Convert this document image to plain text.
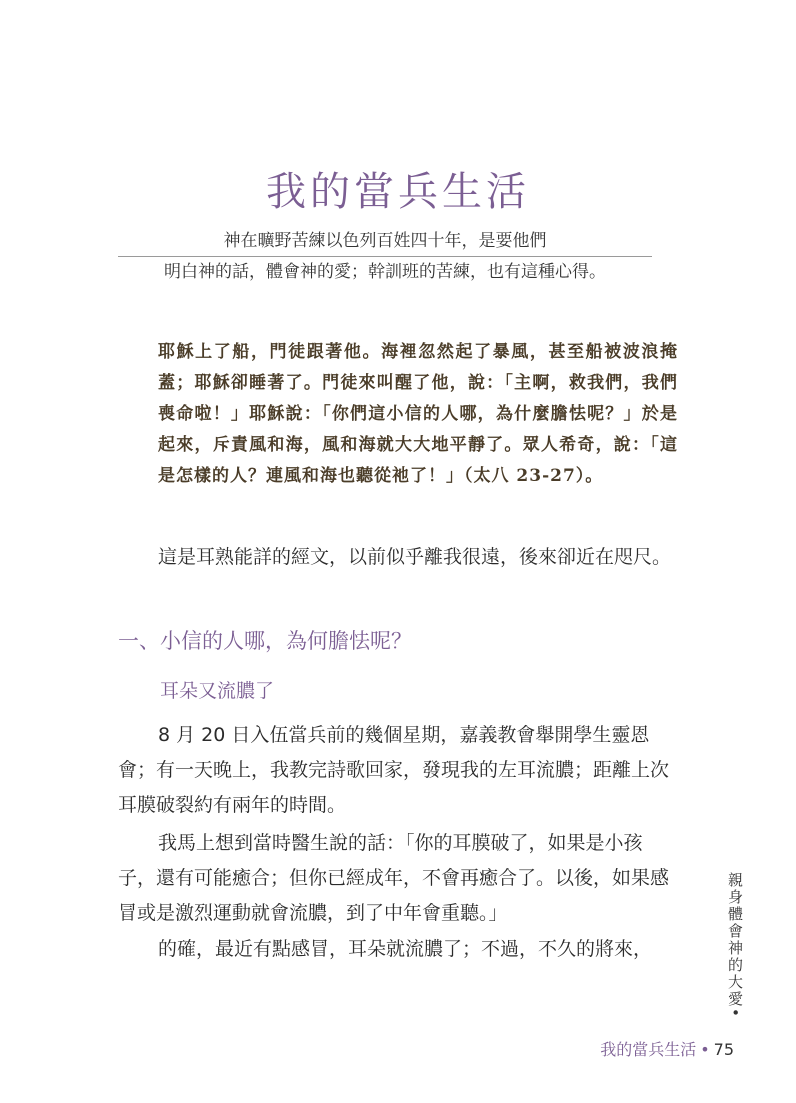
我的當兵生活
神在曠野苦練以色列百姓四十年，是要他們
明白神的話，體會神的愛；幹訓班的苦練，也有這種心得。
耶穌上了船，門徒跟著他。海裡忽然起了暴風，甚至船被波浪掩蓋；耶穌卻睡著了。門徒來叫醒了他，說：「主啊，救我們，我們喪命啦！」耶穌說：「你們這小信的人哪，為什麼膽怯呢？」於是起來，斥責風和海，風和海就大大地平靜了。眾人希奇，說：「這是怎樣的人？連風和海也聽從祂了！」（太八 23-27）。

這是耳熟能詳的經文，以前似乎離我很遠，後來卻近在咫尺。

一、小信的人哪，為何膽怯呢？
耳朵又流膿了

8 月 20 日入伍當兵前的幾個星期，嘉義教會舉開學生靈恩會；有一天晚上，我教完詩歌回家，發現我的左耳流膿；距離上次耳膜破裂約有兩年的時間。

我馬上想到當時醫生說的話：「你的耳膜破了，如果是小孩子，還有可能癒合；但你已經成年，不會再癒合了。以後，如果感冒或是激烈運動就會流膿，到了中年會重聽。」

的確，最近有點感冒，耳朵就流膿了；不過，不久的將來，	親身體會神的大愛•
我的當兵生活 • 75
